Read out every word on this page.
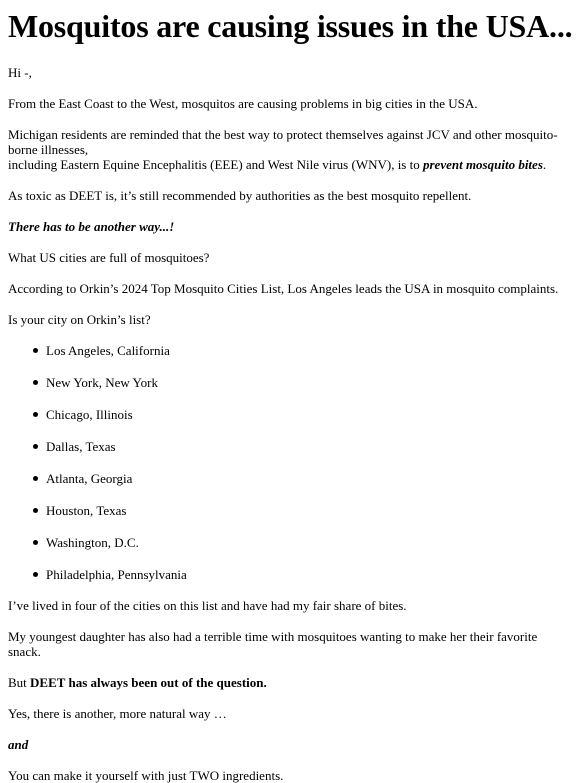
Mosquitos are causing issues in the USA...

Hi -,

From the East Coast to the West, mosquitos are causing problems in big cities in the USA.

Michigan residents are reminded that the best way to protect themselves against JCV and other mosquito-borne illnesses,
including Eastern Equine Encephalitis (EEE) and West Nile virus (WNV), is to prevent mosquito bites.

As toxic as DEET is, it’s still recommended by authorities as the best mosquito repellent.

There has to be another way...!

What US cities are full of mosquitoes?

According to Orkin’s 2024 Top Mosquito Cities List, Los Angeles leads the USA in mosquito complaints.

Is your city on Orkin’s list?

Los Angeles, California
New York, New York
Chicago, Illinois
Dallas, Texas
Atlanta, Georgia
Houston, Texas
Washington, D.C.
Philadelphia, Pennsylvania

I’ve lived in four of the cities on this list and have had my fair share of bites.

My youngest daughter has also had a terrible time with mosquitoes wanting to make her their favorite snack.

But DEET has always been out of the question.

Yes, there is another, more natural way …

and

You can make it yourself with just TWO ingredients.
